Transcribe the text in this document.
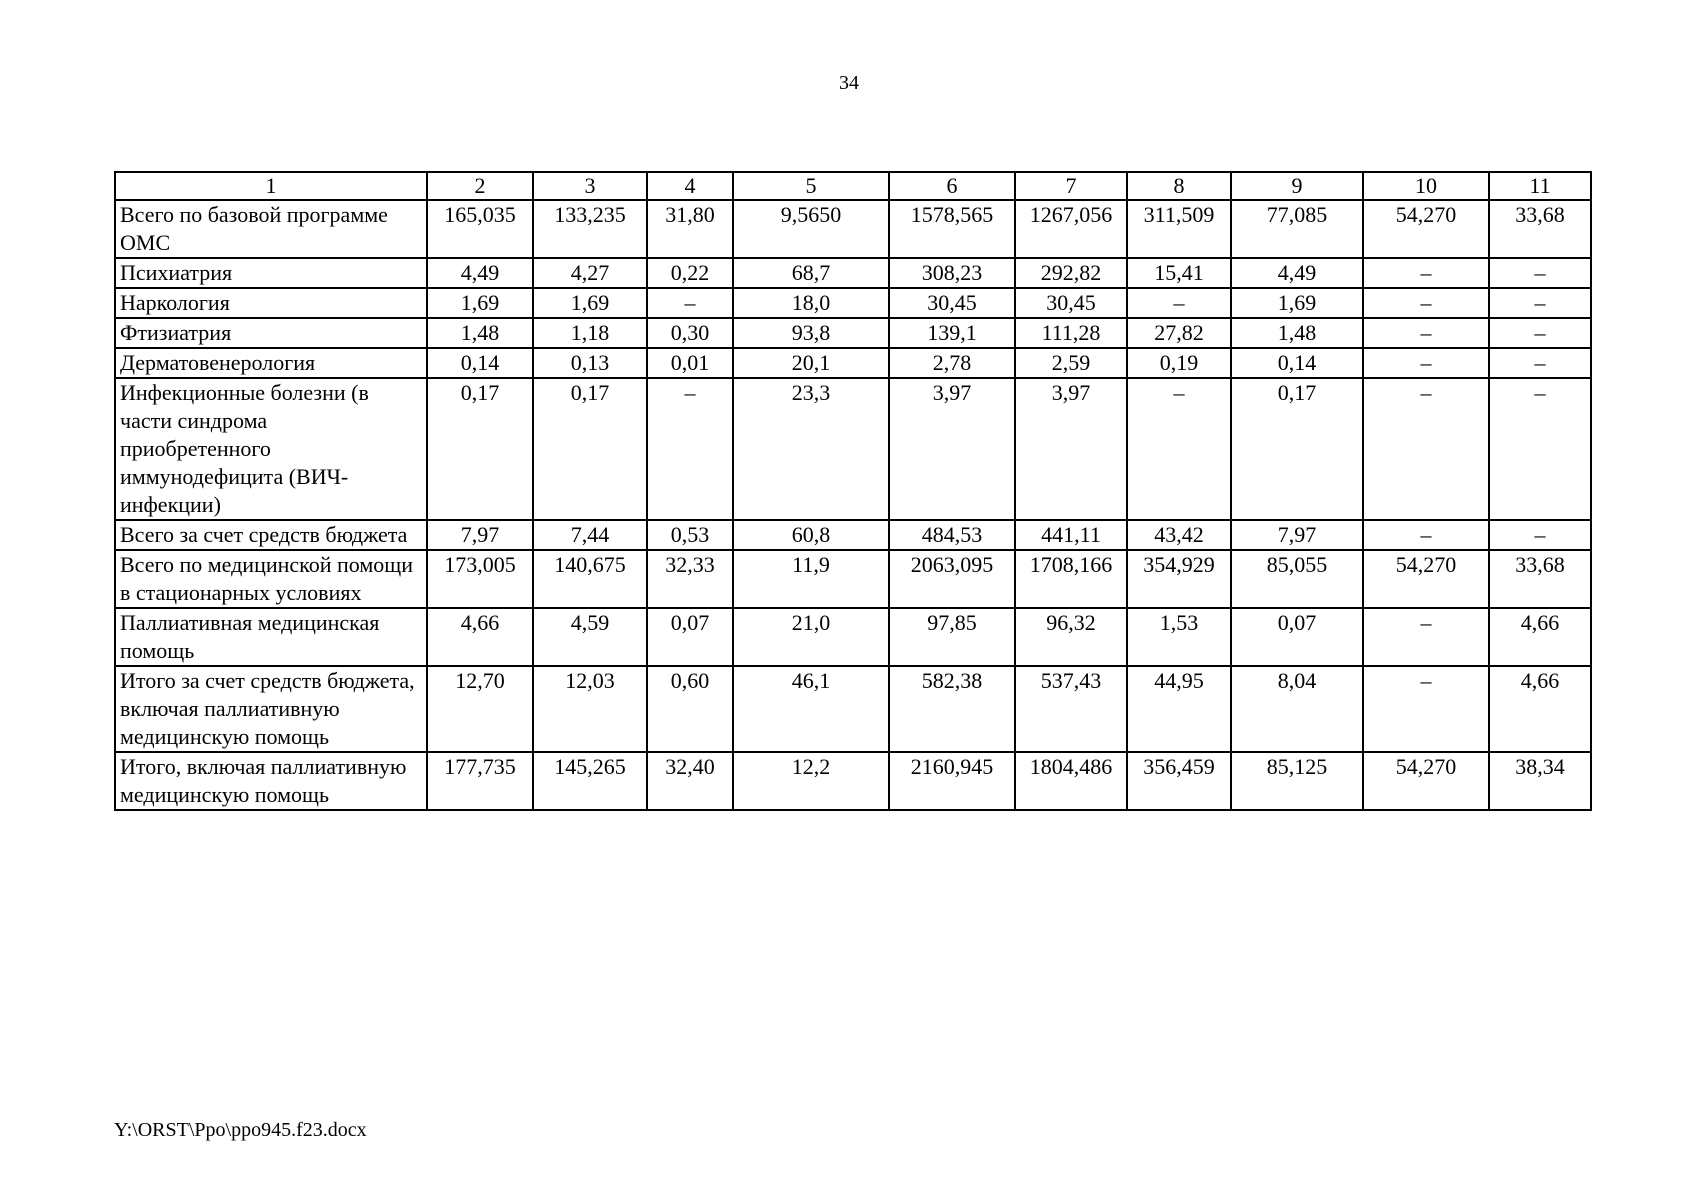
34
1	2	3	4	5	6	7	8	9	10	11
Всего по базовой программе ОМС	165,035	133,235	31,80	9,5650	1578,565	1267,056	311,509	77,085	54,270	33,68
Психиатрия	4,49	4,27	0,22	68,7	308,23	292,82	15,41	4,49	–	–
Наркология	1,69	1,69	–	18,0	30,45	30,45	–	1,69	–	–
Фтизиатрия	1,48	1,18	0,30	93,8	139,1	111,28	27,82	1,48	–	–
Дерматовенерология	0,14	0,13	0,01	20,1	2,78	2,59	0,19	0,14	–	–
Инфекционные болезни (в части синдрома приобретенного иммунодефицита (ВИЧ-инфекции)	0,17	0,17	–	23,3	3,97	3,97	–	0,17	–	–
Всего за счет средств бюджета	7,97	7,44	0,53	60,8	484,53	441,11	43,42	7,97	–	–
Всего по медицинской помощи в стационарных условиях	173,005	140,675	32,33	11,9	2063,095	1708,166	354,929	85,055	54,270	33,68
Паллиативная медицинская помощь	4,66	4,59	0,07	21,0	97,85	96,32	1,53	0,07	–	4,66
Итого за счет средств бюджета, включая паллиативную медицинскую помощь	12,70	12,03	0,60	46,1	582,38	537,43	44,95	8,04	–	4,66
Итого, включая паллиативную медицинскую помощь	177,735	145,265	32,40	12,2	2160,945	1804,486	356,459	85,125	54,270	38,34
Y:\ORST\Ppo\ppo945.f23.docx
